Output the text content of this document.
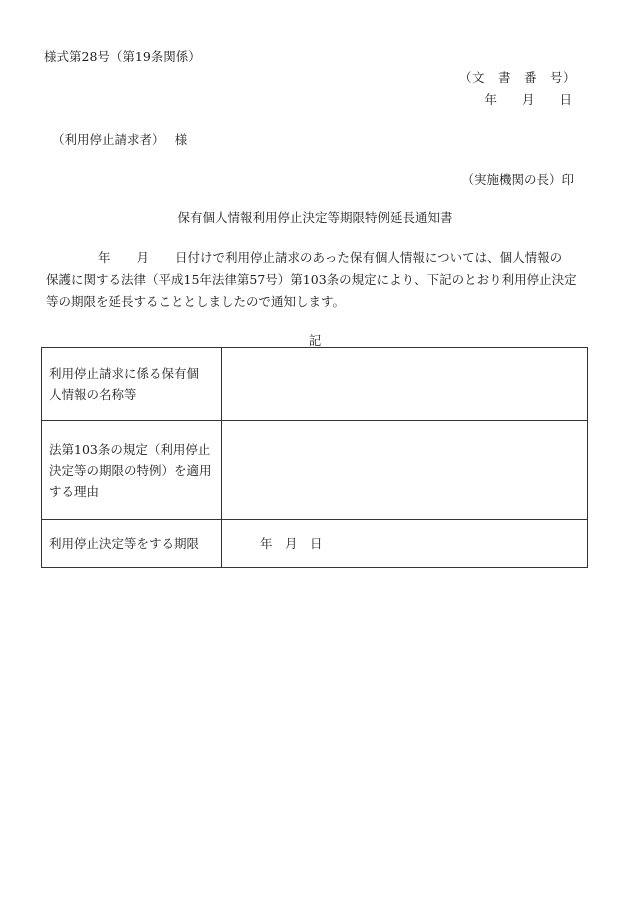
様式第28号（第19条関係）
（文　書　番　号）
年　　月　　日
（利用停止請求者）　 様
（実施機関の長）印
保有個人情報利用停止決定等期限特例延長通知書
年 月 日付けで利用停止請求のあった保有個人情報については、個人情報の
保護に関する法律（平成15年法律第57号）第103条の規定により、下記のとおり利用停止決定
等の期限を延長することとしましたので通知します。
記
利用停止請求に係る保有個
人情報の名称等	

法第103条の規定（利用停止
決定等の期限の特例）を適用
する理由	

利用停止決定等をする期限	年　月　日
